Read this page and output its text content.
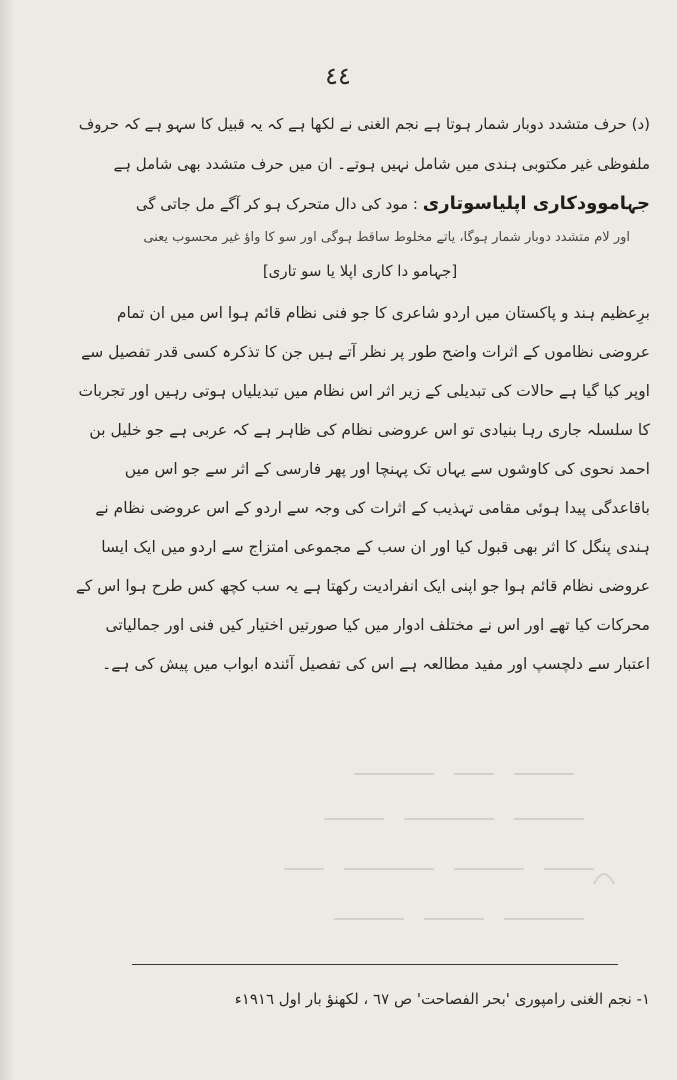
٤٤
(د) حرف متشدد دوبار شمار ہوتا ہے نجم الغنی نے لکھا ہے کہ یہ قبیل کا سہو ہے کہ حروف ملفوظی غیر مکتوبی ہندی میں شامل نہیں ہوتے۔ ان میں حرف متشدد بھی شامل ہے
جہاموودکاری اپلیاسوتاری : مود کی دال متحرک ہو کر آگے مل جاتی گی
اور لام متشدد دوبار شمار ہوگا، یاتے مخلوط ساقط ہوگی اور سو کا واؤ غیر محسوب یعنی
[جہامو دا کاری اپلا یا سو تاری]
برِعظیم ہند و پاکستان میں اردو شاعری کا جو فنی نظام قائم ہوا اس میں ان تمام عروضی نظاموں کے اثرات واضح طور پر نظر آتے ہیں جن کا تذکرہ کسی قدر تفصیل سے اوپر کیا گیا ہے حالات کی تبدیلی کے زیر اثر اس نظام میں تبدیلیاں ہوتی رہیں اور تجربات کا سلسلہ جاری رہا بنیادی تو اس عروضی نظام کی ظاہر ہے کہ عربی ہے جو خلیل بن احمد نحوی کی کاوشوں سے یہاں تک پہنچا اور پھر فارسی کے اثر سے جو اس میں باقاعدگی پیدا ہوئی مقامی تہذیب کے اثرات کی وجہ سے اردو کے اس عروضی نظام نے ہندی پنگل کا اثر بھی قبول کیا اور ان سب کے مجموعی امتزاج سے اردو میں ایک ایسا عروضی نظام قائم ہوا جو اپنی ایک انفرادیت رکھتا ہے یہ سب کچھ کس طرح ہوا اس کے محرکات کیا تھے اور اس نے مختلف ادوار میں کیا صورتیں اختیار کیں فنی اور جمالیاتی اعتبار سے دلچسپ اور مفید مطالعہ ہے اس کی تفصیل آئندہ ابواب میں پیش کی ہے۔

١- نجم الغنی رامپوری 'بحر الفصاحت' ص ٦٧ ، لکھنؤ بار اول ١٩١٦ء
